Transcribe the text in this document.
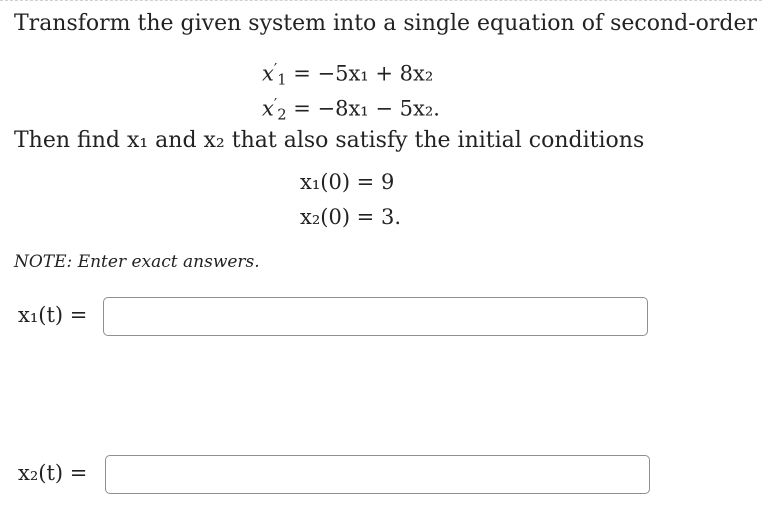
Transform the given system into a single equation of second-order
$x'_1 = -5x_1 + 8x_2$
$x'_2 = -8x_1 - 5x_2$.
Then find x₁ and x₂ that also satisfy the initial conditions
x₁(0) = 9
x₂(0) = 3.
NOTE: Enter exact answers.
x₁(t) =
x₂(t) =
